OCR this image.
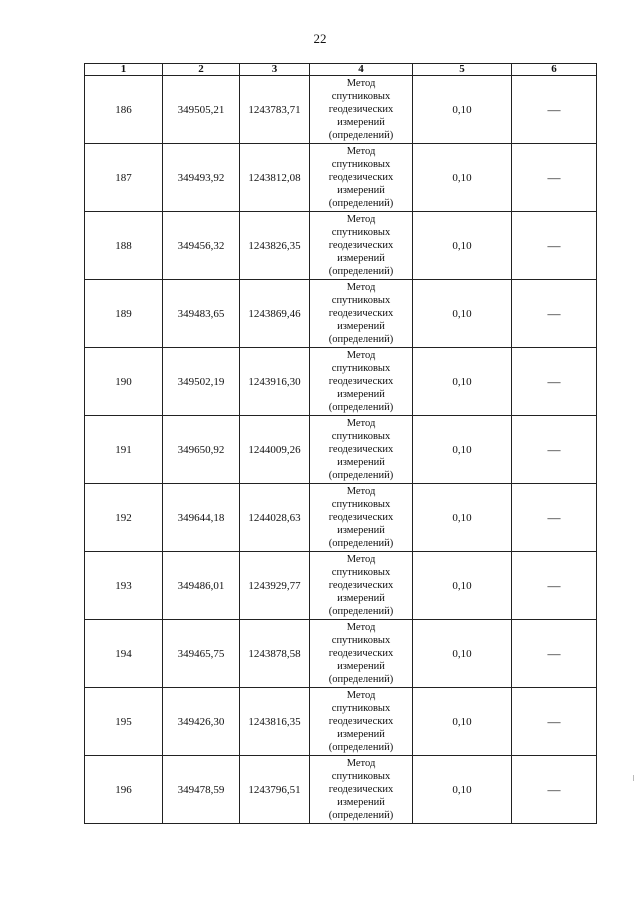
22
1	2	3	4	5	6
186	349505,21	1243783,71	Метод
спутниковых
геодезических
измерений
(определений)	0,10	—
187	349493,92	1243812,08	Метод
спутниковых
геодезических
измерений
(определений)	0,10	—
188	349456,32	1243826,35	Метод
спутниковых
геодезических
измерений
(определений)	0,10	—
189	349483,65	1243869,46	Метод
спутниковых
геодезических
измерений
(определений)	0,10	—
190	349502,19	1243916,30	Метод
спутниковых
геодезических
измерений
(определений)	0,10	—
191	349650,92	1244009,26	Метод
спутниковых
геодезических
измерений
(определений)	0,10	—
192	349644,18	1244028,63	Метод
спутниковых
геодезических
измерений
(определений)	0,10	—
193	349486,01	1243929,77	Метод
спутниковых
геодезических
измерений
(определений)	0,10	—
194	349465,75	1243878,58	Метод
спутниковых
геодезических
измерений
(определений)	0,10	—
195	349426,30	1243816,35	Метод
спутниковых
геодезических
измерений
(определений)	0,10	—
196	349478,59	1243796,51	Метод
спутниковых
геодезических
измерений
(определений)	0,10	—
